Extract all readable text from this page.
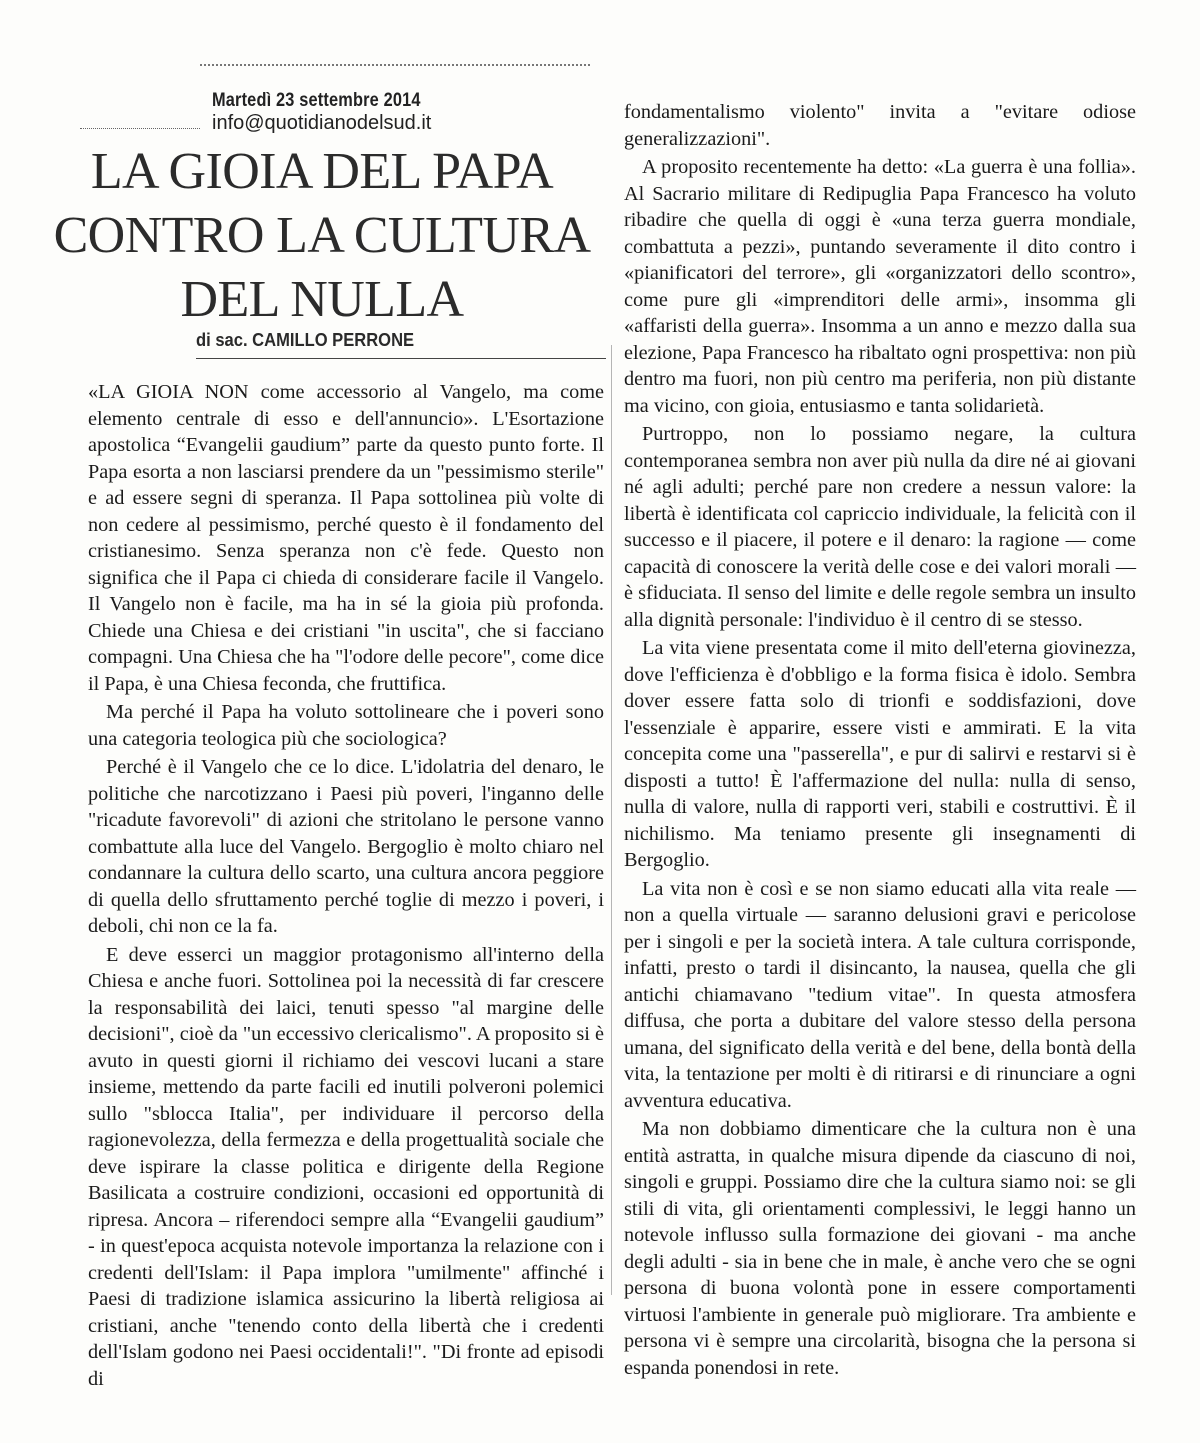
Martedì 23 settembre 2014
info@quotidianodelsud.it
LA GIOIA DEL PAPA
CONTRO LA CULTURA
DEL NULLA
di sac. CAMILLO PERRONE

«LA GIOIA NON come accessorio al Vangelo, ma come elemento centrale di esso e dell'annuncio». L'Esortazione apostolica “Evangelii gaudium” parte da questo punto forte. Il Papa esorta a non lasciarsi prendere da un "pessimismo sterile" e ad essere segni di speranza. Il Papa sottolinea più volte di non cedere al pessimismo, perché questo è il fondamento del cristianesimo. Senza speranza non c'è fede. Questo non significa che il Papa ci chieda di considerare facile il Vangelo. Il Vangelo non è facile, ma ha in sé la gioia più profonda. Chiede una Chiesa e dei cristiani "in uscita", che si facciano compagni. Una Chiesa che ha "l'odore delle pecore", come dice il Papa, è una Chiesa feconda, che fruttifica.

Ma perché il Papa ha voluto sottolineare che i poveri sono una categoria teologica più che sociologica?

Perché è il Vangelo che ce lo dice. L'idolatria del denaro, le politiche che narcotizzano i Paesi più poveri, l'inganno delle "ricadute favorevoli" di azioni che stritolano le persone vanno combattute alla luce del Vangelo. Bergoglio è molto chiaro nel condannare la cultura dello scarto, una cultura ancora peggiore di quella dello sfruttamento perché toglie di mezzo i poveri, i deboli, chi non ce la fa.

E deve esserci un maggior protagonismo all'interno della Chiesa e anche fuori. Sottolinea poi la necessità di far crescere la responsabilità dei laici, tenuti spesso "al margine delle decisioni", cioè da "un eccessivo clericalismo". A proposito si è avuto in questi giorni il richiamo dei vescovi lucani a stare insieme, mettendo da parte facili ed inutili polveroni polemici sullo "sblocca Italia", per individuare il percorso della ragionevolezza, della fermezza e della progettualità sociale che deve ispirare la classe politica e dirigente della Regione Basilicata a costruire condizioni, occasioni ed opportunità di ripresa. Ancora – riferendoci sempre alla “Evangelii gaudium” - in quest'epoca acquista notevole importanza la relazione con i credenti dell'Islam: il Papa implora "umilmente" affinché i Paesi di tradizione islamica assicurino la libertà religiosa ai cristiani, anche "tenendo conto della libertà che i credenti dell'Islam godono nei Paesi occidentali!". "Di fronte ad episodi di

fondamentalismo violento" invita a "evitare odiose generalizzazioni".

A proposito recentemente ha detto: «La guerra è una follia». Al Sacrario militare di Redipuglia Papa Francesco ha voluto ribadire che quella di oggi è «una terza guerra mondiale, combattuta a pezzi», puntando severamente il dito contro i «pianificatori del terrore», gli «organizzatori dello scontro», come pure gli «imprenditori delle armi», insomma gli «affaristi della guerra». Insomma a un anno e mezzo dalla sua elezione, Papa Francesco ha ribaltato ogni prospettiva: non più dentro ma fuori, non più centro ma periferia, non più distante ma vicino, con gioia, entusiasmo e tanta solidarietà.

Purtroppo, non lo possiamo negare, la cultura contemporanea sembra non aver più nulla da dire né ai giovani né agli adulti; perché pare non credere a nessun valore: la libertà è identificata col capriccio individuale, la felicità con il successo e il piacere, il potere e il denaro: la ragione — come capacità di conoscere la verità delle cose e dei valori morali — è sfiduciata. Il senso del limite e delle regole sembra un insulto alla dignità personale: l'individuo è il centro di se stesso.

La vita viene presentata come il mito dell'eterna giovinezza, dove l'efficienza è d'obbligo e la forma fisica è idolo. Sembra dover essere fatta solo di trionfi e soddisfazioni, dove l'essenziale è apparire, essere visti e ammirati. E la vita concepita come una "passerella", e pur di salirvi e restarvi si è disposti a tutto! È l'affermazione del nulla: nulla di senso, nulla di valore, nulla di rapporti veri, stabili e costruttivi. È il nichilismo. Ma teniamo presente gli insegnamenti di Bergoglio.

La vita non è così e se non siamo educati alla vita reale — non a quella virtuale — saranno delusioni gravi e pericolose per i singoli e per la società intera. A tale cultura corrisponde, infatti, presto o tardi il disincanto, la nausea, quella che gli antichi chiamavano "tedium vitae". In questa atmosfera diffusa, che porta a dubitare del valore stesso della persona umana, del significato della verità e del bene, della bontà della vita, la tentazione per molti è di ritirarsi e di rinunciare a ogni avventura educativa.

Ma non dobbiamo dimenticare che la cultura non è una entità astratta, in qualche misura dipende da ciascuno di noi, singoli e gruppi. Possiamo dire che la cultura siamo noi: se gli stili di vita, gli orientamenti complessivi, le leggi hanno un notevole influsso sulla formazione dei giovani - ma anche degli adulti - sia in bene che in male, è anche vero che se ogni persona di buona volontà pone in essere comportamenti virtuosi l'ambiente in generale può migliorare. Tra ambiente e persona vi è sempre una circolarità, bisogna che la persona si espanda ponendosi in rete.
